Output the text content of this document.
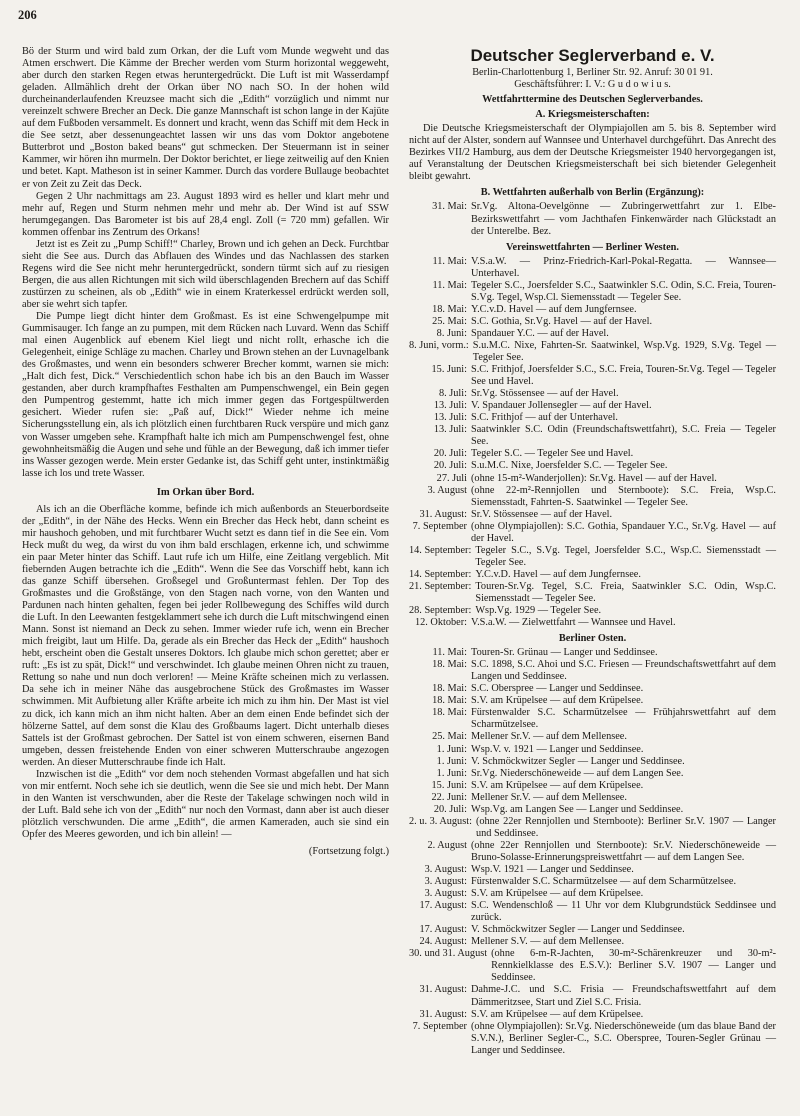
206

Bö der Sturm und wird bald zum Orkan, der die Luft vom Munde wegweht und das Atmen erschwert. Die Kämme der Brecher werden vom Sturm horizontal weggeweht, aber durch den starken Regen etwas heruntergedrückt. Die Luft ist mit Wasserdampf geladen. Allmählich dreht der Orkan über NO nach SO. In der hohen wild durcheinanderlaufenden Kreuzsee macht sich die „Edith“ vorzüglich und nimmt nur vereinzelt schwere Brecher an Deck. Die ganze Mannschaft ist schon lange in der Kajüte auf dem Fußboden versammelt. Es donnert und kracht, wenn das Schiff mit dem Heck in die See setzt, aber dessenungeachtet lassen wir uns das vom Doktor angebotene Butterbrot und „Boston baked beans“ gut schmecken. Der Steuermann ist in seiner Kammer, wir hören ihn murmeln. Der Doktor berichtet, er liege zeitweilig auf den Knien und betet. Kapt. Matheson ist in seiner Kammer. Durch das vordere Bullauge beobachtet er von Zeit zu Zeit das Deck.

Gegen 2 Uhr nachmittags am 23. August 1893 wird es heller und klart mehr und mehr auf, Regen und Sturm nehmen mehr und mehr ab. Der Wind ist auf SSW herumgegangen. Das Barometer ist bis auf 28,4 engl. Zoll (= 720 mm) gefallen. Wir kommen offenbar ins Zentrum des Orkans!

Jetzt ist es Zeit zu „Pump Schiff!“ Charley, Brown und ich gehen an Deck. Furchtbar sieht die See aus. Durch das Abflauen des Windes und das Nachlassen des starken Regens wird die See nicht mehr heruntergedrückt, sondern türmt sich auf zu riesigen Bergen, die aus allen Richtungen mit sich wild überschlagenden Brechern auf das Schiff zustürzen zu scheinen, als ob „Edith“ wie in einem Kraterkessel erdrückt werden soll, aber sie wehrt sich tapfer.

Die Pumpe liegt dicht hinter dem Großmast. Es ist eine Schwengelpumpe mit Gummisauger. Ich fange an zu pumpen, mit dem Rücken nach Luvard. Wenn das Schiff mal einen Augenblick auf ebenem Kiel liegt und nicht rollt, erhasche ich die Gelegenheit, einige Schläge zu machen. Charley und Brown stehen an der Luvnagelbank des Großmastes, und wenn ein besonders schwerer Brecher kommt, warnen sie mich: „Halt dich fest, Dick.“ Verschiedentlich schon habe ich bis an den Bauch im Wasser gestanden, aber durch krampfhaftes Festhalten am Pumpenschwengel, ein Bein gegen den Pumpentrog gestemmt, hatte ich mich immer gegen das Fortgespültwerden gesichert. Wieder rufen sie: „Paß auf, Dick!“ Wieder nehme ich meine Sicherungsstellung ein, als ich plötzlich einen furchtbaren Ruck verspüre und mich ganz von Wasser umgeben sehe. Krampfhaft halte ich mich am Pumpenschwengel fest, ohne gewohnheitsmäßig die Augen und sehe und fühle an der Bewegung, daß ich immer tiefer ins Wasser gezogen werde. Mein erster Gedanke ist, das Schiff geht unter, instinktmäßig lasse ich los und trete Wasser.

Im Orkan über Bord.

Als ich an die Oberfläche komme, befinde ich mich außenbords an Steuerbordseite der „Edith“, in der Nähe des Hecks. Wenn ein Brecher das Heck hebt, dann scheint es mir haushoch gehoben, und mit furchtbarer Wucht setzt es dann tief in die See ein. Vom Heck mußt du weg, da wirst du von ihm bald erschlagen, erkenne ich, und schwimme ein paar Meter hinter das Schiff. Laut rufe ich um Hilfe, eine Zeitlang vergeblich. Mit fiebernden Augen betrachte ich die „Edith“. Wenn die See das Vorschiff hebt, kann ich das ganze Schiff übersehen. Großsegel und Großuntermast fehlen. Der Top des Großmastes und die Großstänge, von den Stagen nach vorne, von den Wanten und Pardunen nach hinten gehalten, fegen bei jeder Rollbewegung des Schiffes wild durch die Luft. In den Leewanten festgeklammert sehe ich durch die Luft mitschwingend einen Mann. Sonst ist niemand an Deck zu sehen. Immer wieder rufe ich, wenn ein Brecher mich freigibt, laut um Hilfe. Da, gerade als ein Brecher das Heck der „Edith“ haushoch hebt, erscheint oben die Gestalt unseres Doktors. Ich glaube mich schon gerettet; aber er ruft: „Es ist zu spät, Dick!“ und verschwindet. Ich glaube meinen Ohren nicht zu trauen, Rettung so nahe und nun doch verloren! — Meine Kräfte scheinen mich zu verlassen. Da sehe ich in meiner Nähe das ausgebrochene Stück des Großmastes im Wasser schwimmen. Mit Aufbietung aller Kräfte arbeite ich mich zu ihm hin. Der Mast ist viel zu dick, ich kann mich an ihm nicht halten. Aber an dem einen Ende befindet sich der hölzerne Sattel, auf dem sonst die Klau des Großbaums lagert. Dicht unterhalb dieses Sattels ist der Großmast gebrochen. Der Sattel ist von einem schweren, eisernen Band umgeben, dessen freistehende Enden von einer schweren Mutterschraube angezogen werden. An dieser Mutterschraube finde ich Halt.

Inzwischen ist die „Edith“ vor dem noch stehenden Vormast abgefallen und hat sich von mir entfernt. Noch sehe ich sie deutlich, wenn die See sie und mich hebt. Der Mann in den Wanten ist verschwunden, aber die Reste der Takelage schwingen noch wild in der Luft. Bald sehe ich von der „Edith“ nur noch den Vormast, dann aber ist auch dieser plötzlich verschwunden. Die arme „Edith“, die armen Kameraden, auch sie sind ein Opfer des Meeres geworden, und ich bin allein! —

(Fortsetzung folgt.)

Deutscher Seglerverband e. V.
Berlin-Charlottenburg 1, Berliner Str. 92. Anruf: 30 01 91.
Geschäftsführer: I. V.: G u d o w i u s.
Wettfahrttermine des Deutschen Seglerverbandes.
A. Kriegsmeisterschaften:

Die Deutsche Kriegsmeisterschaft der Olympiajollen am 5. bis 8. September wird nicht auf der Alster, sondern auf Wannsee und Unterhavel durchgeführt. Das Anrecht des Bezirkes VII/2 Hamburg, aus dem der Deutsche Kriegsmeister 1940 hervorgegangen ist, auf Veranstaltung der Deutschen Kriegsmeisterschaft bei sich bietender Gelegenheit bleibt gewahrt.

B. Wettfahrten außerhalb von Berlin (Ergänzung):
31. Mai: Sr.Vg. Altona-Oevelgönne — Zubringerwettfahrt zur 1. Elbe-Bezirkswettfahrt — vom Jachthafen Finkenwärder nach Glückstadt an der Unterelbe. Bez.
Vereinswettfahrten — Berliner Westen.
11. Mai: V.S.a.W. — Prinz-Friedrich-Karl-Pokal-Regatta. — Wannsee—Unterhavel.
11. Mai: Tegeler S.C., Joersfelder S.C., Saatwinkler S.C. Odin, S.C. Freia, Touren-S.Vg. Tegel, Wsp.Cl. Siemensstadt — Tegeler See.
18. Mai: Y.C.v.D. Havel — auf dem Jungfernsee.
25. Mai: S.C. Gothia, Sr.Vg. Havel — auf der Havel.
8. Juni: Spandauer Y.C. — auf der Havel.
8. Juni, vorm.: S.u.M.C. Nixe, Fahrten-Sr. Saatwinkel, Wsp.Vg. 1929, S.Vg. Tegel — Tegeler See.
15. Juni: S.C. Frithjof, Joersfelder S.C., S.C. Freia, Touren-Sr.Vg. Tegel — Tegeler See und Havel.
8. Juli: Sr.Vg. Stössensee — auf der Havel.
13. Juli: V. Spandauer Jollensegler — auf der Havel.
13. Juli: S.C. Frithjof — auf der Unterhavel.
13. Juli: Saatwinkler S.C. Odin (Freundschaftswettfahrt), S.C. Freia — Tegeler See.
20. Juli: Tegeler S.C. — Tegeler See und Havel.
20. Juli: S.u.M.C. Nixe, Joersfelder S.C. — Tegeler See.
27. Juli (ohne 15-m²-Wanderjollen): Sr.Vg. Havel — auf der Havel.
3. August (ohne 22-m²-Rennjollen und Sternboote): S.C. Freia, Wsp.C. Siemensstadt, Fahrten-S. Saatwinkel — Tegeler See.
31. August: Sr.V. Stössensee — auf der Havel.
7. September (ohne Olympiajollen): S.C. Gothia, Spandauer Y.C., Sr.Vg. Havel — auf der Havel.
14. September: Tegeler S.C., S.Vg. Tegel, Joersfelder S.C., Wsp.C. Siemensstadt — Tegeler See.
14. September: Y.C.v.D. Havel — auf dem Jungfernsee.
21. September: Touren-Sr.Vg. Tegel, S.C. Freia, Saatwinkler S.C. Odin, Wsp.C. Siemensstadt — Tegeler See.
28. September: Wsp.Vg. 1929 — Tegeler See.
12. Oktober: V.S.a.W. — Zielwettfahrt — Wannsee und Havel.
Berliner Osten.
11. Mai: Touren-Sr. Grünau — Langer und Seddinsee.
18. Mai: S.C. 1898, S.C. Ahoi und S.C. Friesen — Freundschaftswettfahrt auf dem Langen und Seddinsee.
18. Mai: S.C. Oberspree — Langer und Seddinsee.
18. Mai: S.V. am Krüpelsee — auf dem Krüpelsee.
18. Mai: Fürstenwalder S.C. Scharmützelsee — Frühjahrswettfahrt auf dem Scharmützelsee.
25. Mai: Mellener Sr.V. — auf dem Mellensee.
1. Juni: Wsp.V. v. 1921 — Langer und Seddinsee.
1. Juni: V. Schmöckwitzer Segler — Langer und Seddinsee.
1. Juni: Sr.Vg. Niederschöneweide — auf dem Langen See.
15. Juni: S.V. am Krüpelsee — auf dem Krüpelsee.
22. Juni: Mellener Sr.V. — auf dem Mellensee.
20. Juli: Wsp.Vg. am Langen See — Langer und Seddinsee.
2. u. 3. August: (ohne 22er Rennjollen und Sternboote): Berliner Sr.V. 1907 — Langer und Seddinsee.
2. August (ohne 22er Rennjollen und Sternboote): Sr.V. Niederschöneweide — Bruno-Solasse-Erinnerungspreiswettfahrt — auf dem Langen See.
3. August: Wsp.V. 1921 — Langer und Seddinsee.
3. August: Fürstenwalder S.C. Scharmützelsee — auf dem Scharmützelsee.
3. August: S.V. am Krüpelsee — auf dem Krüpelsee.
17. August: S.C. Wendenschloß — 11 Uhr vor dem Klubgrundstück Seddinsee und zurück.
17. August: V. Schmöckwitzer Segler — Langer und Seddinsee.
24. August: Mellener S.V. — auf dem Mellensee.
30. und 31. August (ohne 6-m-R-Jachten, 30-m²-Schärenkreuzer und 30-m²-Rennkielklasse des E.S.V.): Berliner S.V. 1907 — Langer und Seddinsee.
31. August: Dahme-J.C. und S.C. Frisia — Freundschaftswettfahrt auf dem Dämmeritzsee, Start und Ziel S.C. Frisia.
31. August: S.V. am Krüpelsee — auf dem Krüpelsee.
7. September (ohne Olympiajollen): Sr.Vg. Niederschöneweide (um das blaue Band der S.V.N.), Berliner Segler-C., S.C. Oberspree, Touren-Segler Grünau — Langer und Seddinsee.
